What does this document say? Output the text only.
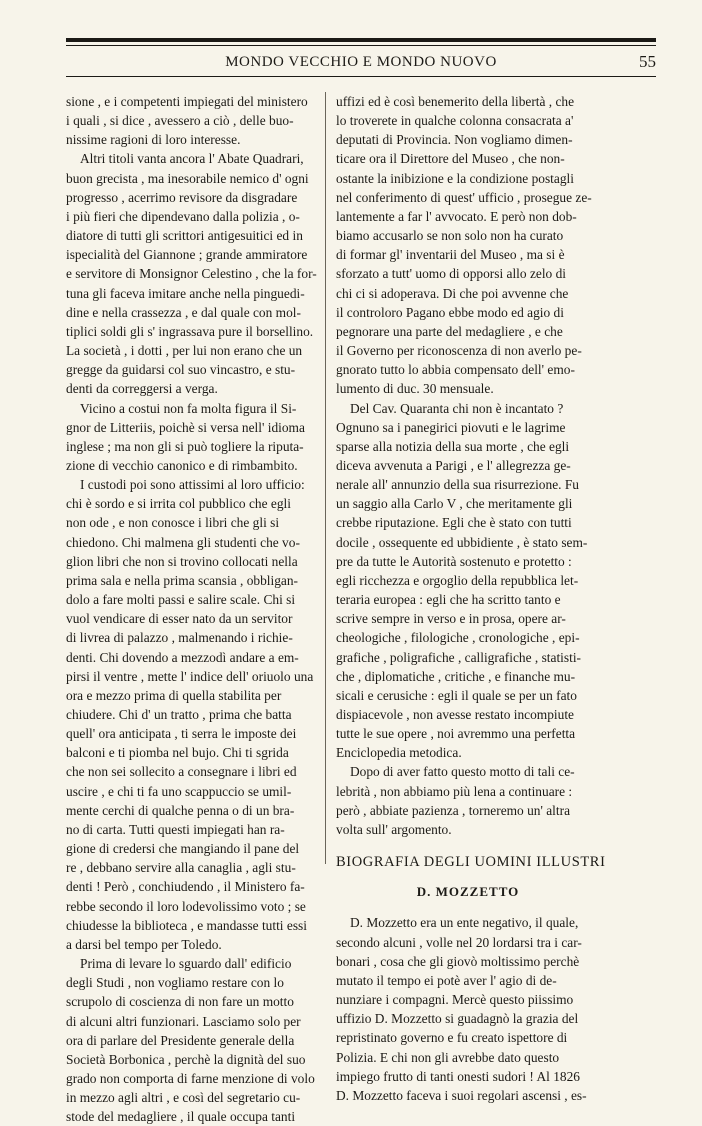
MONDO VECCHIO E MONDO NUOVO	55
sione , e i competenti impiegati del ministero
i quali , si dice , avessero a ciò , delle buo-
nissime ragioni di loro interesse.
Altri titoli vanta ancora l' Abate Quadrari,
buon grecista , ma inesorabile nemico d' ogni
progresso , acerrimo revisore da disgradare
i più fieri che dipendevano dalla polizia , o-
diatore di tutti gli scrittori antigesuitici ed in
ispecialità del Giannone ; grande ammiratore
e servitore di Monsignor Celestino , che la for-
tuna gli faceva imitare anche nella pinguedi-
dine e nella crassezza , e dal quale con mol-
tiplici soldi gli s' ingrassava pure il borsellino.
La società , i dotti , per lui non erano che un
gregge da guidarsi col suo vincastro, e stu-
denti da correggersi a verga.
Vicino a costui non fa molta figura il Si-
gnor de Litteriis, poichè si versa nell' idioma
inglese ; ma non gli si può togliere la riputa-
zione di vecchio canonico e di rimbambito.
I custodi poi sono attissimi al loro ufficio:
chi è sordo e si irrita col pubblico che egli
non ode , e non conosce i libri che gli si
chiedono. Chi malmena gli studenti che vo-
glion libri che non si trovino collocati nella
prima sala e nella prima scansia , obbligan-
dolo a fare molti passi e salire scale. Chi si
vuol vendicare di esser nato da un servitor
di livrea di palazzo , malmenando i richie-
denti. Chi dovendo a mezzodì andare a em-
pirsi il ventre , mette l' indice dell' oriuolo una
ora e mezzo prima di quella stabilita per
chiudere. Chi d' un tratto , prima che batta
quell' ora anticipata , ti serra le imposte dei
balconi e ti piomba nel bujo. Chi ti sgrida
che non sei sollecito a consegnare i libri ed
uscire , e chi ti fa uno scappuccio se umil-
mente cerchi di qualche penna o di un bra-
no di carta. Tutti questi impiegati han ra-
gione di credersi che mangiando il pane del
re , debbano servire alla canaglia , agli stu-
denti ! Però , conchiudendo , il Ministero fa-
rebbe secondo il loro lodevolissimo voto ; se
chiudesse la biblioteca , e mandasse tutti essi
a darsi bel tempo per Toledo.
Prima di levare lo sguardo dall' edificio
degli Studi , non vogliamo restare con lo
scrupolo di coscienza di non fare un motto
di alcuni altri funzionari. Lasciamo solo per
ora di parlare del Presidente generale della
Società Borbonica , perchè la dignità del suo
grado non comporta di farne menzione di volo
in mezzo agli altri , e così del segretario cu-
stode del medagliere , il quale occupa tanti
uffizi ed è così benemerito della libertà , che
lo troverete in qualche colonna consacrata a'
deputati di Provincia. Non vogliamo dimen-
ticare ora il Direttore del Museo , che non-
ostante la inibizione e la condizione postagli
nel conferimento di quest' ufficio , prosegue ze-
lantemente a far l' avvocato. E però non dob-
biamo accusarlo se non solo non ha curato
di formar gl' inventarii del Museo , ma si è
sforzato a tutt' uomo di opporsi allo zelo di
chi ci si adoperava. Di che poi avvenne che
il controloro Pagano ebbe modo ed agio di
pegnorare una parte del medagliere , e che
il Governo per riconoscenza di non averlo pe-
gnorato tutto lo abbia compensato dell' emo-
lumento di duc. 30 mensuale.
Del Cav. Quaranta chi non è incantato ?
Ognuno sa i panegirici piovuti e le lagrime
sparse alla notizia della sua morte , che egli
diceva avvenuta a Parigi , e l' allegrezza ge-
nerale all' annunzio della sua risurrezione. Fu
un saggio alla Carlo V , che meritamente gli
crebbe riputazione. Egli che è stato con tutti
docile , ossequente ed ubbidiente , è stato sem-
pre da tutte le Autorità sostenuto e protetto :
egli ricchezza e orgoglio della repubblica let-
teraria europea : egli che ha scritto tanto e
scrive sempre in verso e in prosa, opere ar-
cheologiche , filologiche , cronologiche , epi-
grafiche , poligrafiche , calligrafiche , statisti-
che , diplomatiche , critiche , e finanche mu-
sicali e cerusiche : egli il quale se per un fato
dispiacevole , non avesse restato incompiute
tutte le sue opere , noi avremmo una perfetta
Enciclopedia metodica.
Dopo di aver fatto questo motto di tali ce-
lebrità , non abbiamo più lena a continuare :
però , abbiate pazienza , torneremo un' altra
volta sull' argomento.
BIOGRAFIA DEGLI UOMINI ILLUSTRI
D. MOZZETTO
D. Mozzetto era un ente negativo, il quale,
secondo alcuni , volle nel 20 lordarsi tra i car-
bonari , cosa che gli giovò moltissimo perchè
mutato il tempo ei potè aver l' agio di de-
nunziare i compagni. Mercè questo piissimo
uffizio D. Mozzetto si guadagnò la grazia del
repristinato governo e fu creato ispettore di
Polizia. E chi non gli avrebbe dato questo
impiego frutto di tanti onesti sudori ! Al 1826
D. Mozzetto faceva i suoi regolari ascensi , es-
